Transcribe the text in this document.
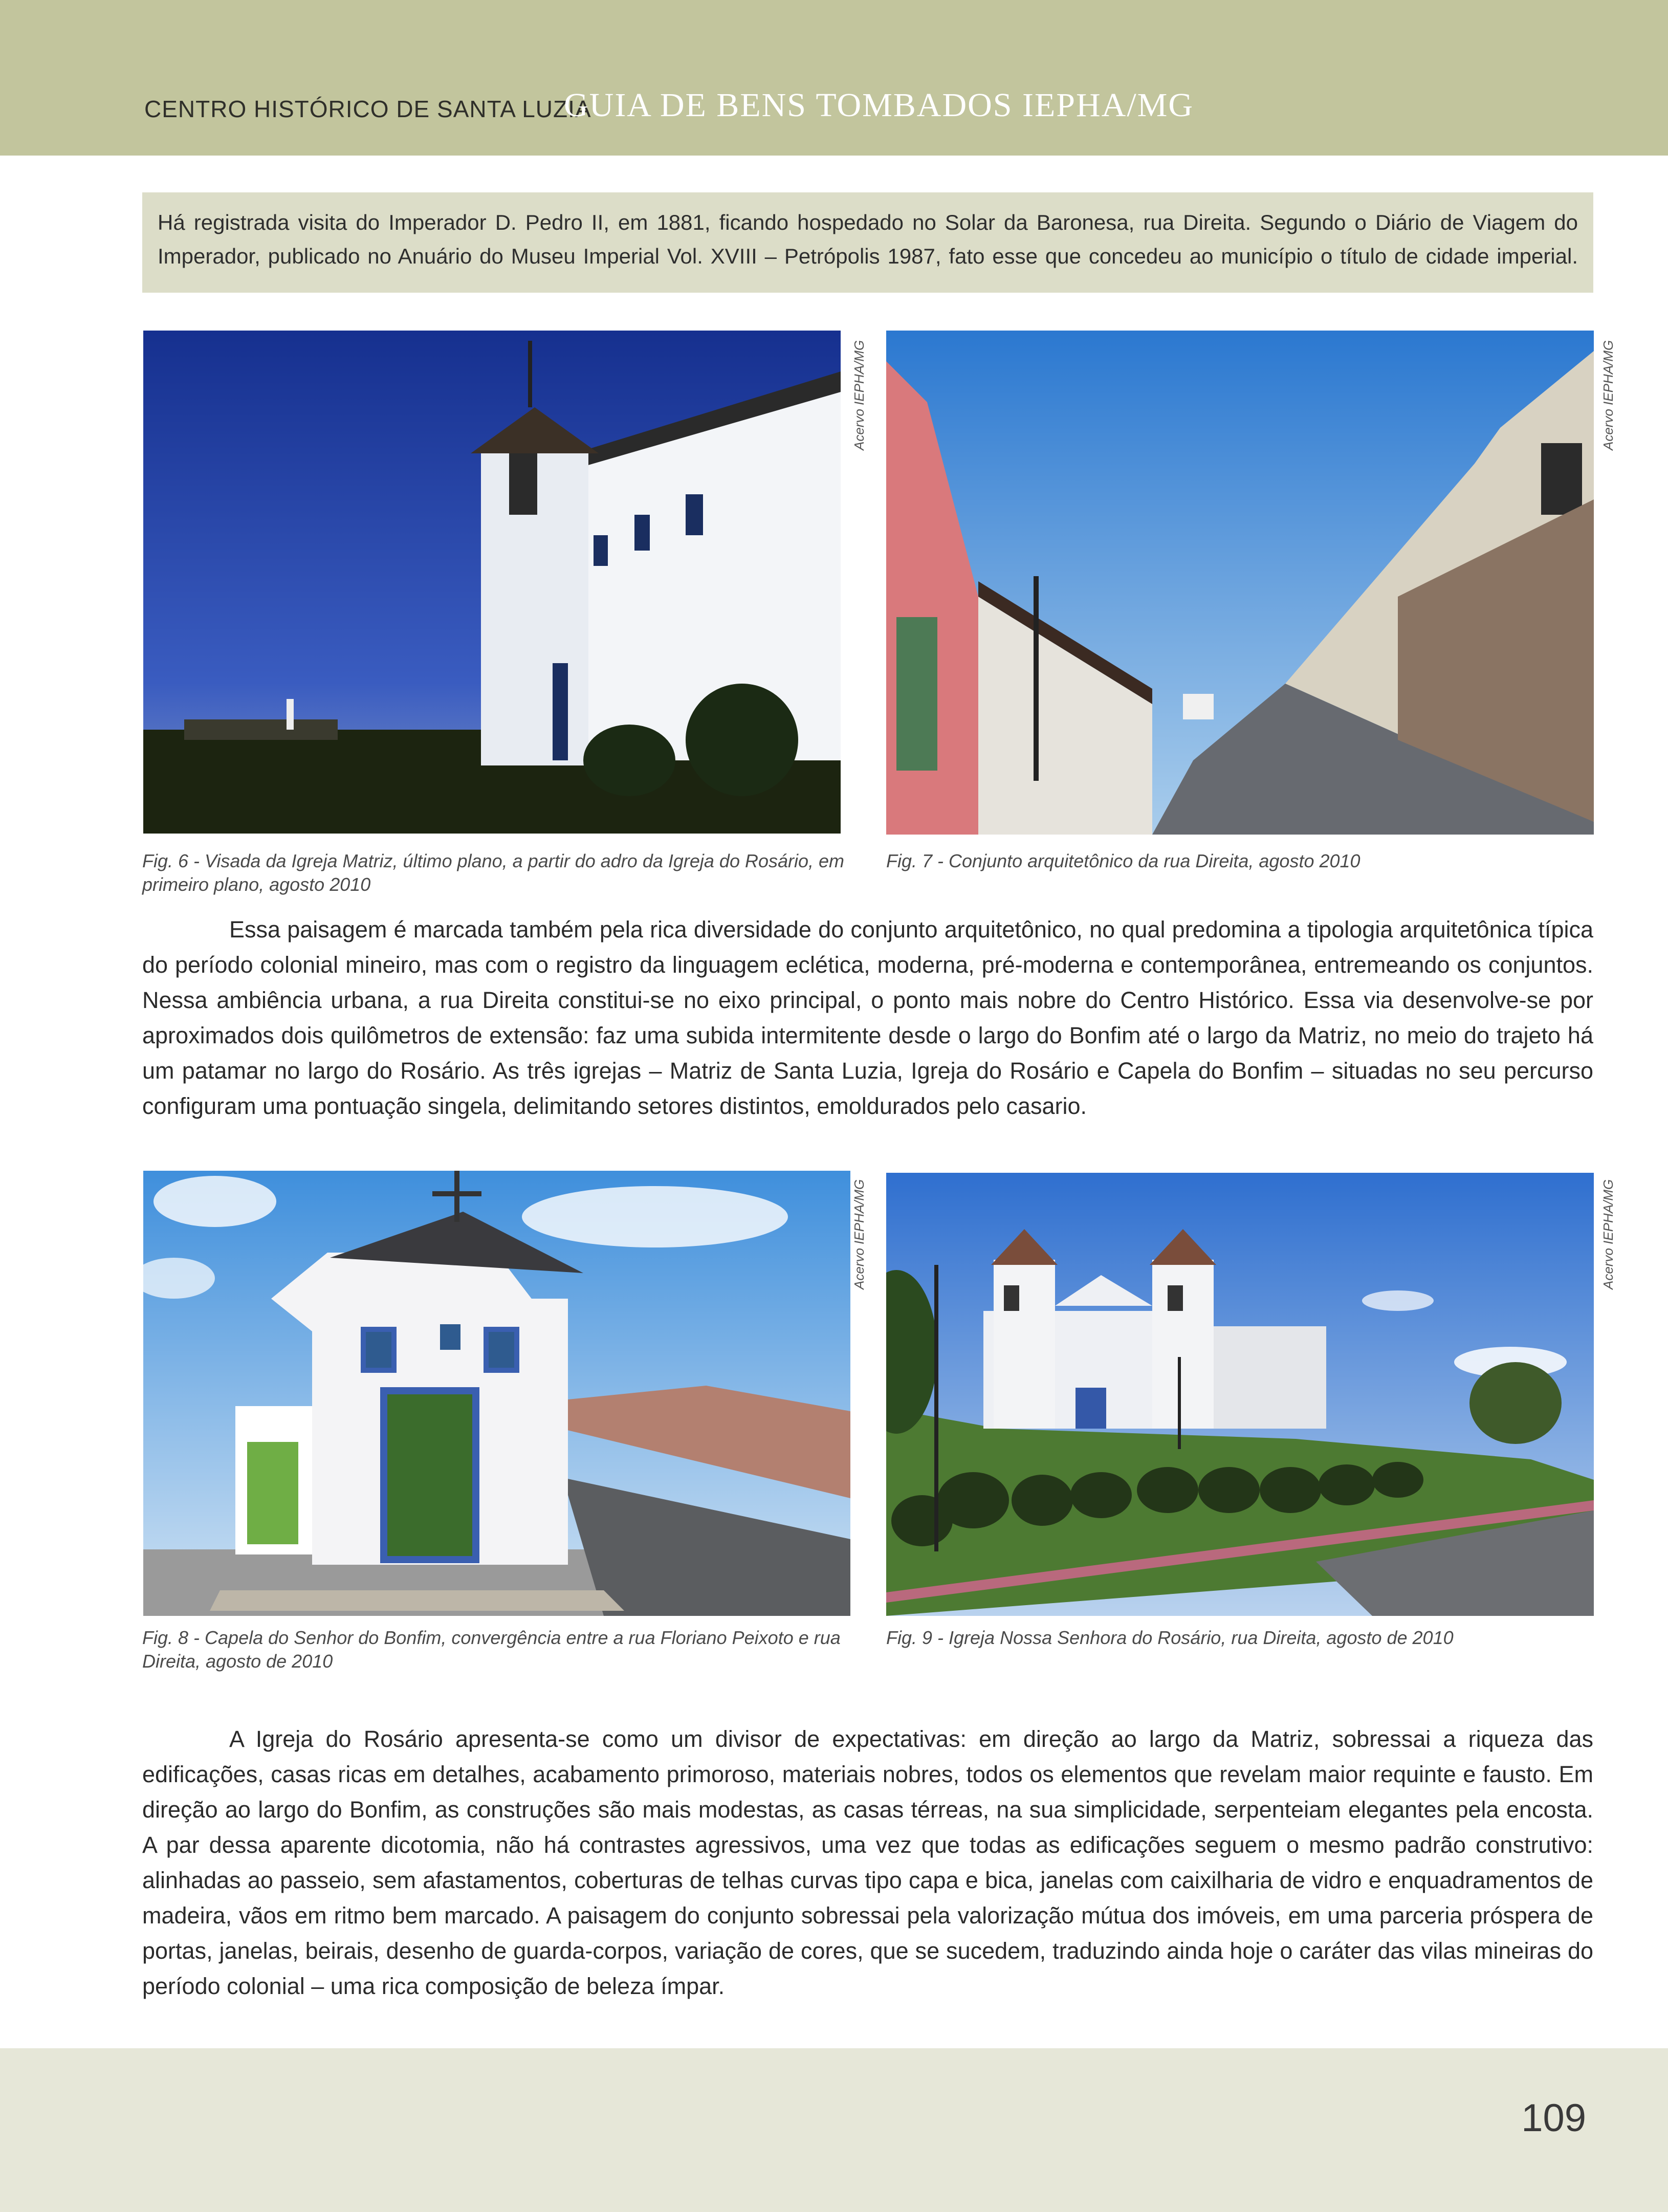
CENTRO HISTÓRICO DE SANTA LUZIA
GUIA DE BENS TOMBADOS IEPHA/MG

Há registrada visita do Imperador D. Pedro II, em 1881, ficando hospedado no Solar da Baronesa, rua Direita. Segundo o Diário de Viagem do

Imperador, publicado no Anuário do Museu Imperial Vol. XVIII – Petrópolis 1987, fato esse que concedeu ao município o título de cidade imperial.

Acervo IEPHA/MG
Fig. 6 - Visada da Igreja Matriz, último plano, a partir do adro da Igreja do Rosário, em primeiro plano, agosto 2010
Acervo IEPHA/MG
Fig. 7 - Conjunto arquitetônico da rua Direita, agosto 2010

Essa paisagem é marcada também pela rica diversidade do conjunto arquitetônico, no qual predomina a tipologia arquitetônica típica do período colonial mineiro, mas com o registro da linguagem eclética, moderna, pré-moderna e contemporânea, entremeando os conjuntos. Nessa ambiência urbana, a rua Direita constitui-se no eixo principal, o ponto mais nobre do Centro Histórico. Essa via desenvolve-se por aproximados dois quilômetros de extensão: faz uma subida intermitente desde o largo do Bonfim até o largo da Matriz, no meio do trajeto há um patamar no largo do Rosário. As três igrejas – Matriz de Santa Luzia, Igreja do Rosário e Capela do Bonfim – situadas no seu percurso configuram uma pontuação singela, delimitando setores distintos, emoldurados pelo casario.

Acervo IEPHA/MG
Fig. 8 - Capela do Senhor do Bonfim, convergência entre a rua Floriano Peixoto e rua Direita, agosto de 2010
Acervo IEPHA/MG
Fig. 9 - Igreja Nossa Senhora do Rosário, rua Direita, agosto de 2010

A Igreja do Rosário apresenta-se como um divisor de expectativas: em direção ao largo da Matriz, sobressai a riqueza das edificações, casas ricas em detalhes, acabamento primoroso, materiais nobres, todos os elementos que revelam maior requinte e fausto. Em direção ao largo do Bonfim, as construções são mais modestas, as casas térreas, na sua simplicidade, serpenteiam elegantes pela encosta. A par dessa aparente dicotomia, não há contrastes agressivos, uma vez que todas as edificações seguem o mesmo padrão construtivo: alinhadas ao passeio, sem afastamentos, coberturas de telhas curvas tipo capa e bica, janelas com caixilharia de vidro e enquadramentos de madeira, vãos em ritmo bem marcado. A paisagem do conjunto sobressai pela valorização mútua dos imóveis, em uma parceria próspera de portas, janelas, beirais, desenho de guarda-corpos, variação de cores, que se sucedem, traduzindo ainda hoje o caráter das vilas mineiras do período colonial – uma rica composição de beleza ímpar.

109
